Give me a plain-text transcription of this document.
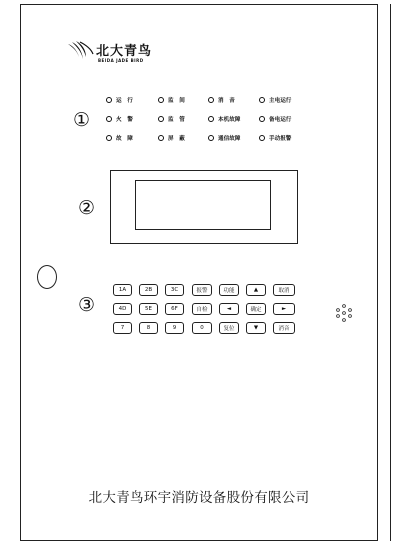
北大青鸟
BEIDA JADE BIRD
①
②
③
运　行	监　间	消　音	主电运行
火　警	监　管	本机故障	备电运行
故　障	屏　蔽	通信故障	手动报警
1A	2B	3C	报警	功能	▲	取消
4D	5E	6F	自检	◄	确定	►
7	8	9	0	复位	▼	消音
北大青鸟环宇消防设备股份有限公司
